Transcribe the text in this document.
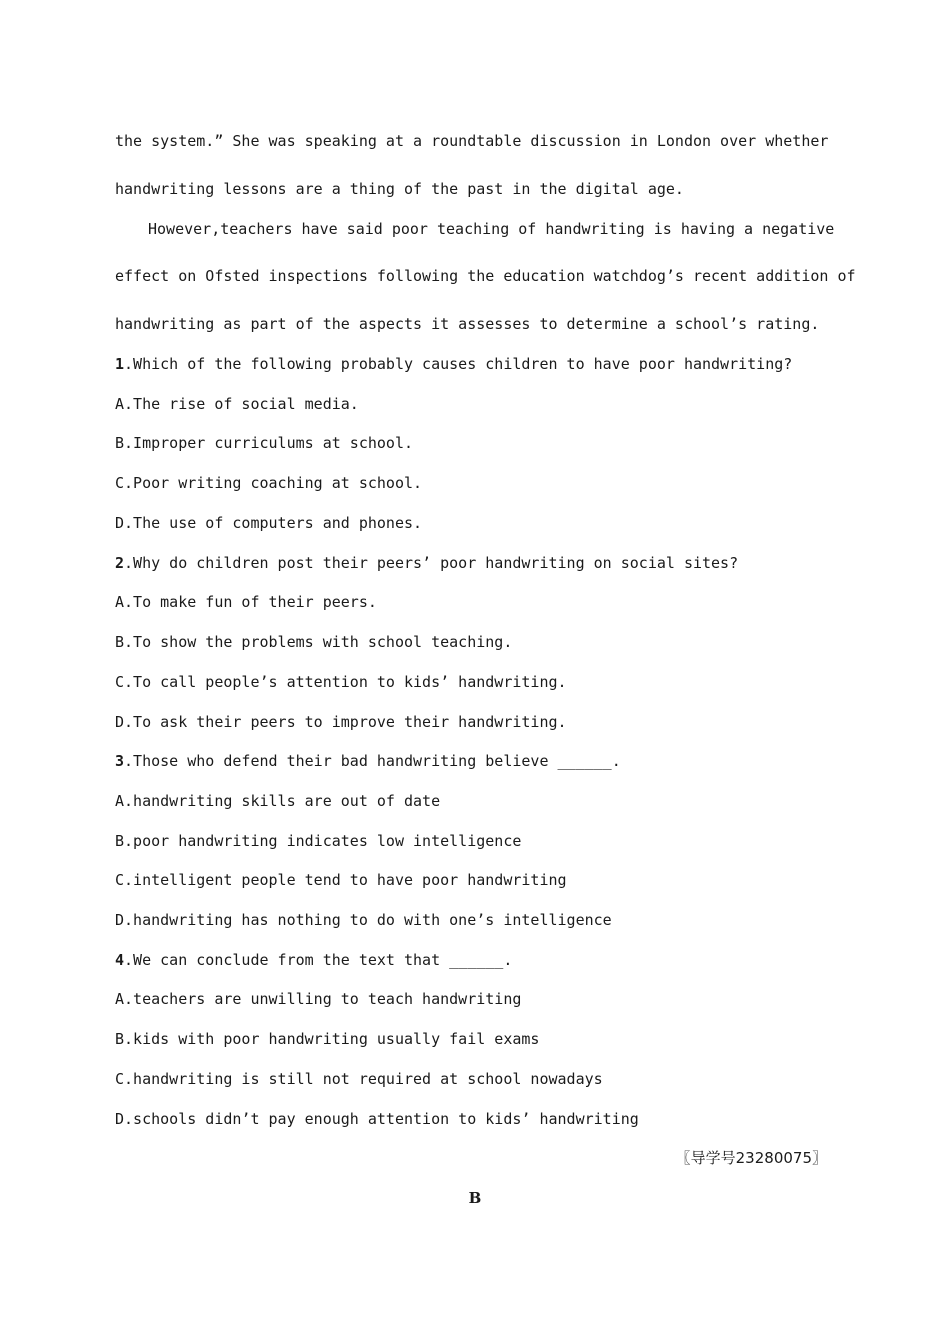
the system.” She was speaking at a roundtable discussion in London over whether
handwriting lessons are a thing of the past in the digital age.
However,teachers have said poor teaching of handwriting is having a negative
effect on Ofsted inspections following the education watchdog’s recent addition of
handwriting as part of the aspects it assesses to determine a school’s rating.
1.Which of the following probably causes children to have poor handwriting?
A.The rise of social media.
B.Improper curriculums at school.
C.Poor writing coaching at school.
D.The use of computers and phones.
2.Why do children post their peers’ poor handwriting on social sites?
A.To make fun of their peers.
B.To show the problems with school teaching.
C.To call people’s attention to kids’ handwriting.
D.To ask their peers to improve their handwriting.
3.Those who defend their bad handwriting believe ______.
A.handwriting skills are out of date
B.poor handwriting indicates low intelligence
C.intelligent people tend to have poor handwriting
D.handwriting has nothing to do with one’s intelligence
4.We can conclude from the text that ______.
A.teachers are unwilling to teach handwriting
B.kids with poor handwriting usually fail exams
C.handwriting is still not required at school nowadays
D.schools didn’t pay enough attention to kids’ handwriting
〖导学号23280075〗
B
